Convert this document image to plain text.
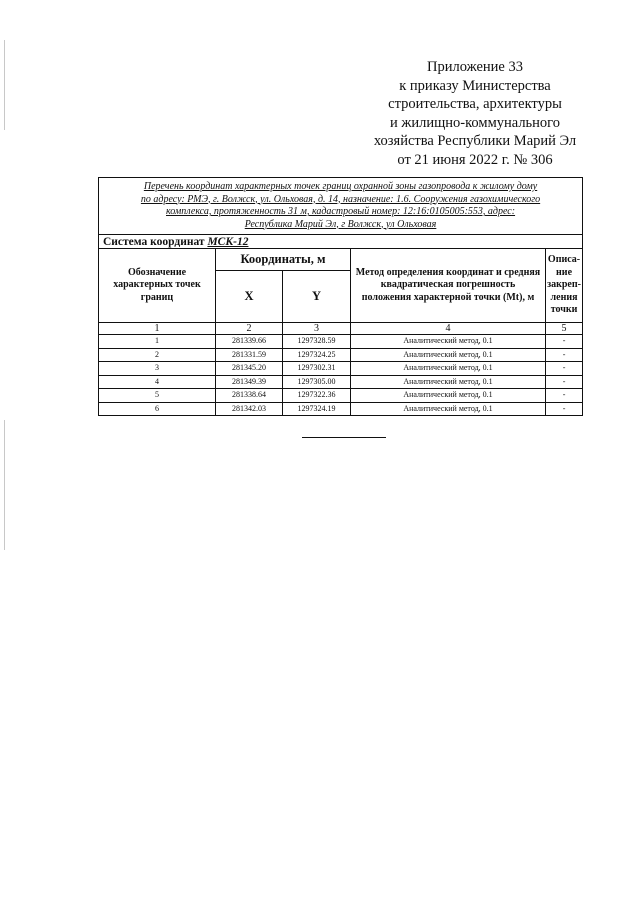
Приложение 33
к приказу Министерства
строительства, архитектуры
и жилищно-коммунального
хозяйства Республики Марий Эл
от 21 июня 2022 г. № 306
Перечень координат характерных точек границ охранной зоны газопровода к жилому дому
по адресу: РМЭ, г. Волжск, ул. Ольховая, д. 14, назначение: 1.6. Сооружения газохимического
комплекса, протяженность 31 м, кадастровый номер: 12:16:0105005:553, адрес:
Республика Марий Эл, г Волжск, ул Ольховая				

Система координат МСК-12				
Обозначение характерных точек границ	Координаты, м		Метод определения координат и средняя квадратическая погрешность положения характерной точки (Mt), м	Описа-ние закреп-ления точки
	X	Y		
1	2	3	4	5
1	281339.66	1297328.59	Аналитический метод, 0.1	-
2	281331.59	1297324.25	Аналитический метод, 0.1	-
3	281345.20	1297302.31	Аналитический метод, 0.1	-
4	281349.39	1297305.00	Аналитический метод, 0.1	-
5	281338.64	1297322.36	Аналитический метод, 0.1	-
6	281342.03	1297324.19	Аналитический метод, 0.1	-
